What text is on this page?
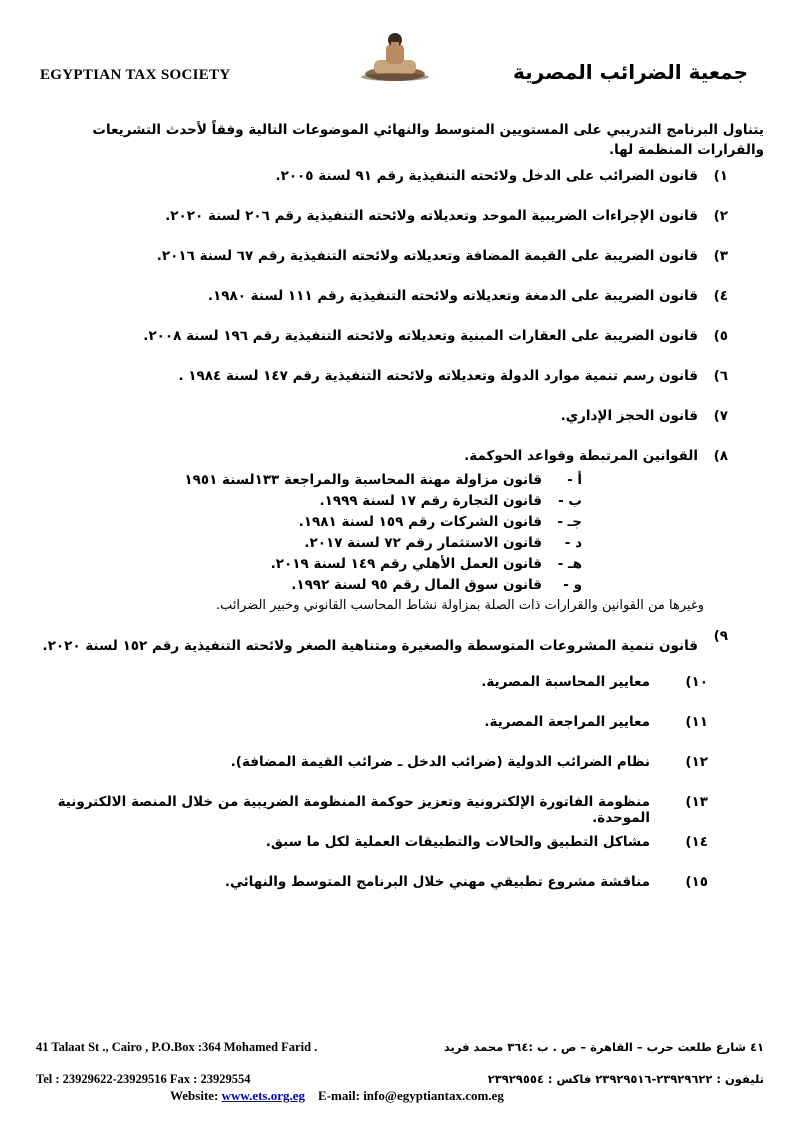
EGYPTIAN TAX SOCIETY	جمعية الضرائب المصرية
يتناول البرنامج التدريبي على المستويين المتوسط والنهائي الموضوعات التالية وفقاً لأحدث التشريعات والقرارات المنظمة لها.
١)
قانون الضرائب على الدخل ولائحته التنفيذية رقم ٩١ لسنة ٢٠٠٥.
٢)
قانون الإجراءات الضريبية الموحد وتعديلاته ولائحته التنفيذية رقم ٢٠٦ لسنة ٢٠٢٠.
٣)
قانون الضريبة على القيمة المضافة وتعديلاته ولائحته التنفيذية رقم ٦٧ لسنة ٢٠١٦.
٤)
قانون الضريبة على الدمغة وتعديلاته ولائحته التنفيذية رقم ١١١ لسنة ١٩٨٠.
٥)
قانون الضريبة على العقارات المبنية وتعديلاته ولائحته التنفيذية رقم ١٩٦ لسنة ٢٠٠٨.
٦)
قانون رسم تنمية موارد الدولة وتعديلاته ولائحته التنفيذية رقم ١٤٧ لسنة ١٩٨٤ .
٧)
قانون الحجز الإداري.
٨)
القوانين المرتبطة وقواعد الحوكمة.
أ -
قانون مزاولة مهنة المحاسبة والمراجعة ١٣٣لسنة ١٩٥١
ب -
قانون التجارة رقم ١٧ لسنة ١٩٩٩.
جـ -
قانون الشركات رقم ١٥٩ لسنة ١٩٨١.
د -
قانون الاستثمار رقم ٧٢ لسنة ٢٠١٧.
هـ -
قانون العمل الأهلي رقم ١٤٩ لسنة ٢٠١٩.
و -
قانون سوق المال رقم ٩٥ لسنة ١٩٩٢.
وغيرها من القوانين والقرارات ذات الصلة بمزاولة نشاط المحاسب القانوني وخبير الضرائب.
٩)
قانون تنمية المشروعات المتوسطة والصغيرة ومتناهية الصغر ولائحته التنفيذية رقم ١٥٢ لسنة ٢٠٢٠.
١٠)
معايير المحاسبة المصرية.
١١)
معايير المراجعة المصرية.
١٢)
نظام الضرائب الدولية (ضرائب الدخل ـ ضرائب القيمة المضافة).
١٣)
منظومة الفاتورة الإلكترونية وتعزيز حوكمة المنظومة الضريبية من خلال المنصة الالكترونية الموحدة.
١٤)
مشاكل التطبيق والحالات والتطبيقات العملية لكل ما سبق.
١٥)
مناقشة مشروع تطبيقي مهني خلال البرنامج المتوسط والنهائي.
41 Talaat St ., Cairo , P.O.Box :364 Mohamed Farid .	٤١ شارع طلعت حرب – القاهرة – ص . ب :٣٦٤ محمد فريد
Tel : 23929622-23929516 Fax : 23929554	تليفون : ٢٣٩٢٩٦٢٢-٢٣٩٢٩٥١٦ فاكس : ٢٣٩٢٩٥٥٤
Website: www.ets.org.eg E-mail: info@egyptiantax.com.eg
